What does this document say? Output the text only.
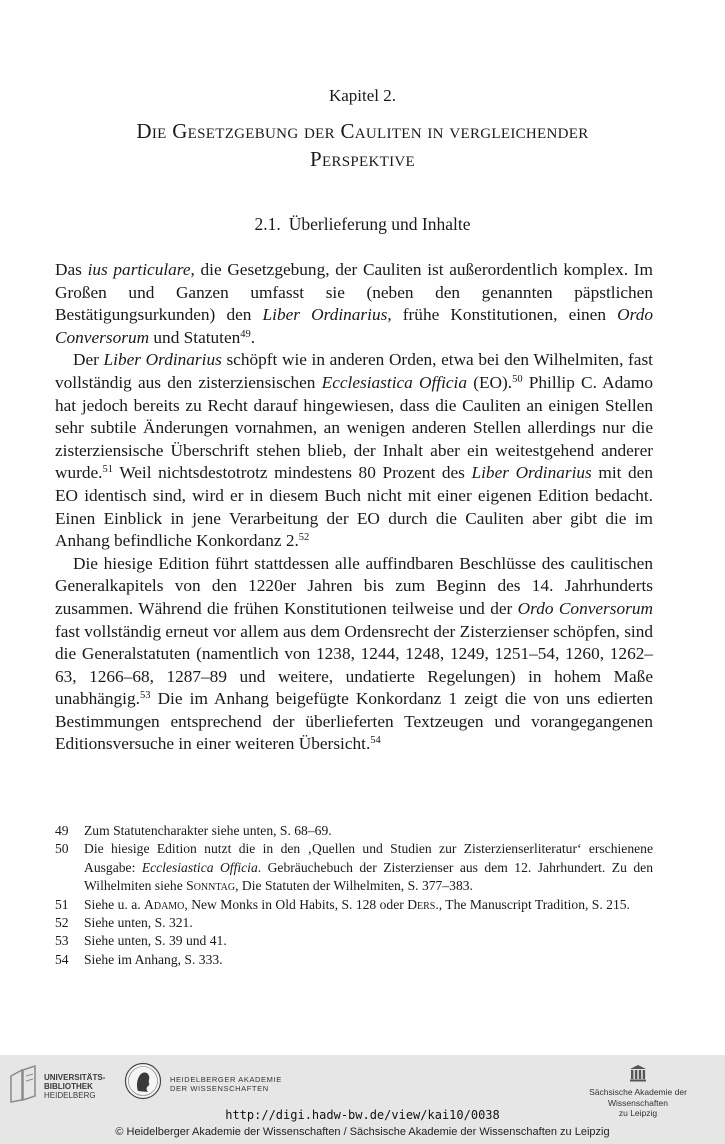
Kapitel 2.
Die Gesetzgebung der Cauliten in vergleichender
Perspektive
2.1. Überlieferung und Inhalte

Das ius particulare, die Gesetzgebung, der Cauliten ist außerordentlich komplex. Im Großen und Ganzen umfasst sie (neben den genannten päpstlichen Bestätigungsurkunden) den Liber Ordinarius, frühe Konstitutionen, einen Ordo Conversorum und Statuten$^{49}$.

Der Liber Ordinarius schöpft wie in anderen Orden, etwa bei den Wilhelmiten, fast vollständig aus den zisterziensischen Ecclesiastica Officia (EO).$^{50}$ Phillip C. Adamo hat jedoch bereits zu Recht darauf hingewiesen, dass die Cauliten an einigen Stellen sehr subtile Änderungen vornahmen, an wenigen anderen Stellen allerdings nur die zisterziensische Überschrift stehen blieb, der Inhalt aber ein weitestgehend anderer wurde.$^{51}$ Weil nichtsdestotrotz mindestens 80 Prozent des Liber Ordinarius mit den EO identisch sind, wird er in diesem Buch nicht mit einer eigenen Edition bedacht. Einen Einblick in jene Verarbeitung der EO durch die Cauliten aber gibt die im Anhang befindliche Konkordanz 2.52

Die hiesige Edition führt stattdessen alle auffindbaren Beschlüsse des caulitischen Generalkapitels von den 1220er Jahren bis zum Beginn des 14. Jahrhunderts zusammen. Während die frühen Konstitutionen teilweise und der Ordo Conversorum fast vollständig erneut vor allem aus dem Ordensrecht der Zisterzienser schöpfen, sind die Generalstatuten (namentlich von 1238, 1244, 1248, 1249, 1251–54, 1260, 1262–63, 1266–68, 1287–89 und weitere, undatierte Regelungen) in hohem Maße unabhängig.$^{53}$ Die im Anhang beigefügte Konkordanz 1 zeigt die von uns edierten Bestimmungen entsprechend der überlieferten Textzeugen und vorangegangenen Editionsversuche in einer weiteren Übersicht.$^{54}$

49	Zum Statutencharakter siehe unten, S. 68–69.
50	Die hiesige Edition nutzt die in den ‚Quellen und Studien zur Zisterzienserliteratur‘ erschienene Ausgabe: Ecclesiastica Officia. Gebräuchebuch der Zisterzienser aus dem 12. Jahrhundert. Zu den Wilhelmiten siehe Sonntag, Die Statuten der Wilhelmiten, S. 377–383.
51	Siehe u. a. Adamo, New Monks in Old Habits, S. 128 oder Ders., The Manuscript Tradition, S. 215.
52	Siehe unten, S. 321.
53	Siehe unten, S. 39 und 41.
54	Siehe im Anhang, S. 333.
UNIVERSITÄTS-
BIBLIOTHEK
HEIDELBERG
HEIDELBERGER AKADEMIE
DER WISSENSCHAFTEN	Sächsische Akademie der Wissenschaften
zu Leipzig
http://digi.hadw-bw.de/view/kai10/0038
© Heidelberger Akademie der Wissenschaften / Sächsische Akademie der Wissenschaften zu Leipzig
